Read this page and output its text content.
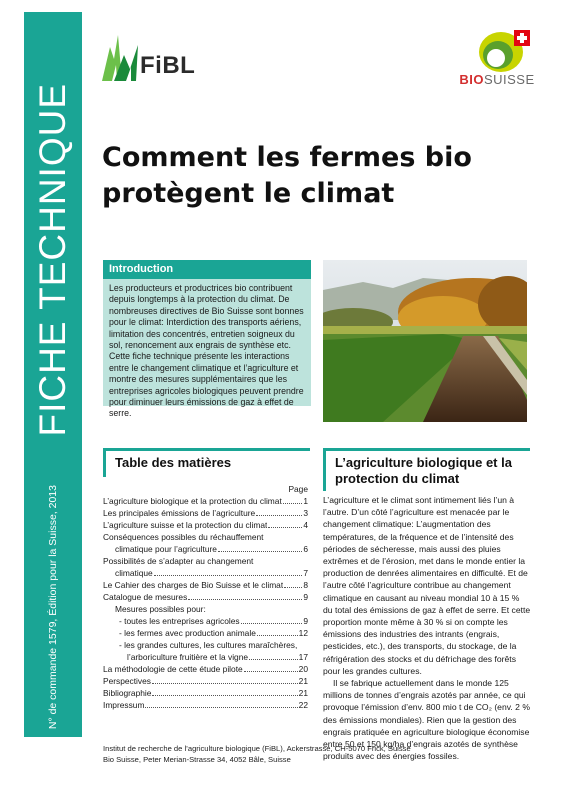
FICHE TECHNIQUE
N° de commande 1579, Édition pour la Suisse, 2013
FiBL
BIOSUISSE
Comment les fermes bio
protègent le climat
Introduction
Les producteurs et productrices bio contribuent depuis longtemps à la protection du climat. De nombreuses directives de Bio Suisse sont bonnes pour le climat: Interdiction des transports aériens, limitation des concentrés, entretien soigneux du sol, renoncement aux engrais de synthèse etc. Cette fiche technique présente les interactions entre le changement climatique et l’agriculture et montre des mesures supplémentaires que les entreprises agricoles biologiques peuvent prendre pour diminuer leurs émissions de gaz à effet de serre.
Table des matières
Page
L’agriculture biologique et la protection du climat	1
Les principales émissions de l’agriculture	3
L’agriculture suisse et la protection du climat	4
Conséquences possibles du réchauffement
climatique pour l’agriculture	6
Possibilités de s’adapter au changement
climatique	7
Le Cahier des charges de Bio Suisse et le climat 8
Catalogue de mesures	9
Mesures possibles pour:
- toutes les entreprises agricoles	9
- les fermes avec production animale	12
- les grandes cultures, les cultures maraîchères,
l’arboriculture fruitière et la vigne	17
La méthodologie de cette étude pilote	20
Perspectives	21
Bibliographie	21
Impressum	22
L’agriculture biologique et la protection du climat

L’agriculture et le climat sont intimement liés l’un à l’autre. D’un côté l’agriculture est menacée par le changement climatique: L’augmentation des températures, de la fréquence et de l’intensité des périodes de sécheresse, mais aussi des pluies extrêmes et de l’érosion, met dans le monde entier la production de denrées alimentaires en difficulté. Et de l’autre côté l’agriculture contribue au changement climatique en causant au niveau mondial 10 à 15 % du total des émissions de gaz à effet de serre. Et cette proportion monte même à 30 % si on compte les émissions des industries des intrants (engrais, pesticides, etc.), des transports, du stockage, de la réfrigération des stocks et du défrichage des forêts pour les grandes cultures.

Il se fabrique actuellement dans le monde 125 millions de tonnes d’engrais azotés par année, ce qui provoque l’émission d’env. 800 mio t de CO₂ (env. 2 % des émissions mondiales). Rien que la gestion des engrais pratiquée en agriculture biologique économise entre 50 et 150 kg/ha d’engrais azotés de synthèse produits avec des énergies fossiles.

Institut de recherche de l’agriculture biologique (FiBL), Ackerstrasse, CH-5070 Frick, Suisse
Bio Suisse, Peter Merian-Strasse 34, 4052 Bâle, Suisse
